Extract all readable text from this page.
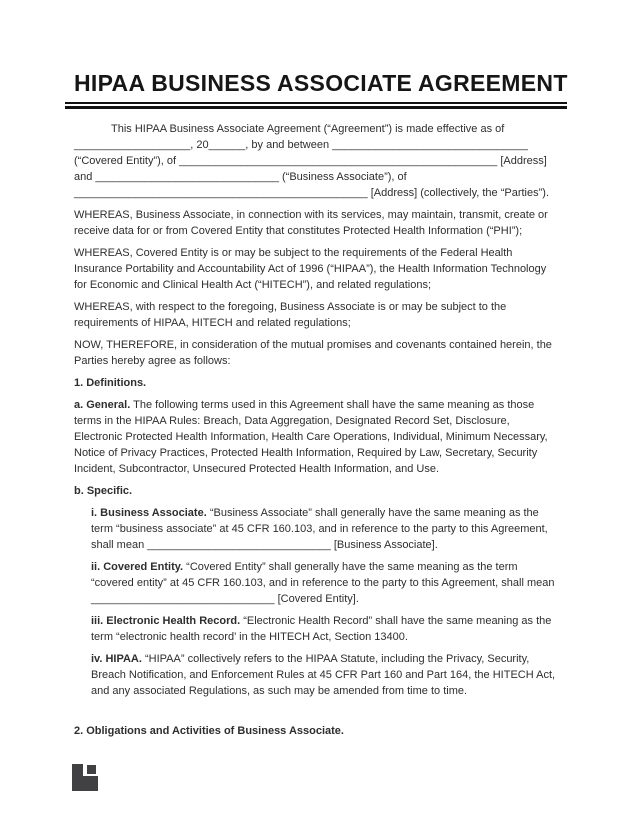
HIPAA BUSINESS ASSOCIATE AGREEMENT

This HIPAA Business Associate Agreement (“Agreement”) is made effective as of ___________________, 20______, by and between ________________________________ (“Covered Entity”), of ____________________________________________________ [Address] and ______________________________ (“Business Associate”), of ________________________________________________ [Address] (collectively, the “Parties”).

WHEREAS, Business Associate, in connection with its services, may maintain, transmit, create or receive data for or from Covered Entity that constitutes Protected Health Information (“PHI”);

WHEREAS, Covered Entity is or may be subject to the requirements of the Federal Health Insurance Portability and Accountability Act of 1996 (“HIPAA”), the Health Information Technology for Economic and Clinical Health Act (“HITECH”), and related regulations;

WHEREAS, with respect to the foregoing, Business Associate is or may be subject to the requirements of HIPAA, HITECH and related regulations;

NOW, THEREFORE, in consideration of the mutual promises and covenants contained herein, the Parties hereby agree as follows:

1. Definitions.

a. General. The following terms used in this Agreement shall have the same meaning as those terms in the HIPAA Rules: Breach, Data Aggregation, Designated Record Set, Disclosure, Electronic Protected Health Information, Health Care Operations, Individual, Minimum Necessary, Notice of Privacy Practices, Protected Health Information, Required by Law, Secretary, Security Incident, Subcontractor, Unsecured Protected Health Information, and Use.

b. Specific.

i. Business Associate. “Business Associate” shall generally have the same meaning as the term “business associate” at 45 CFR 160.103, and in reference to the party to this Agreement, shall mean ______________________________ [Business Associate].

ii. Covered Entity. “Covered Entity” shall generally have the same meaning as the term “covered entity” at 45 CFR 160.103, and in reference to the party to this Agreement, shall mean ______________________________ [Covered Entity].

iii. Electronic Health Record. “Electronic Health Record” shall have the same meaning as the term “electronic health record’ in the HITECH Act, Section 13400.

iv. HIPAA. “HIPAA” collectively refers to the HIPAA Statute, including the Privacy, Security, Breach Notification, and Enforcement Rules at 45 CFR Part 160 and Part 164, the HITECH Act, and any associated Regulations, as such may be amended from time to time.

2. Obligations and Activities of Business Associate.
